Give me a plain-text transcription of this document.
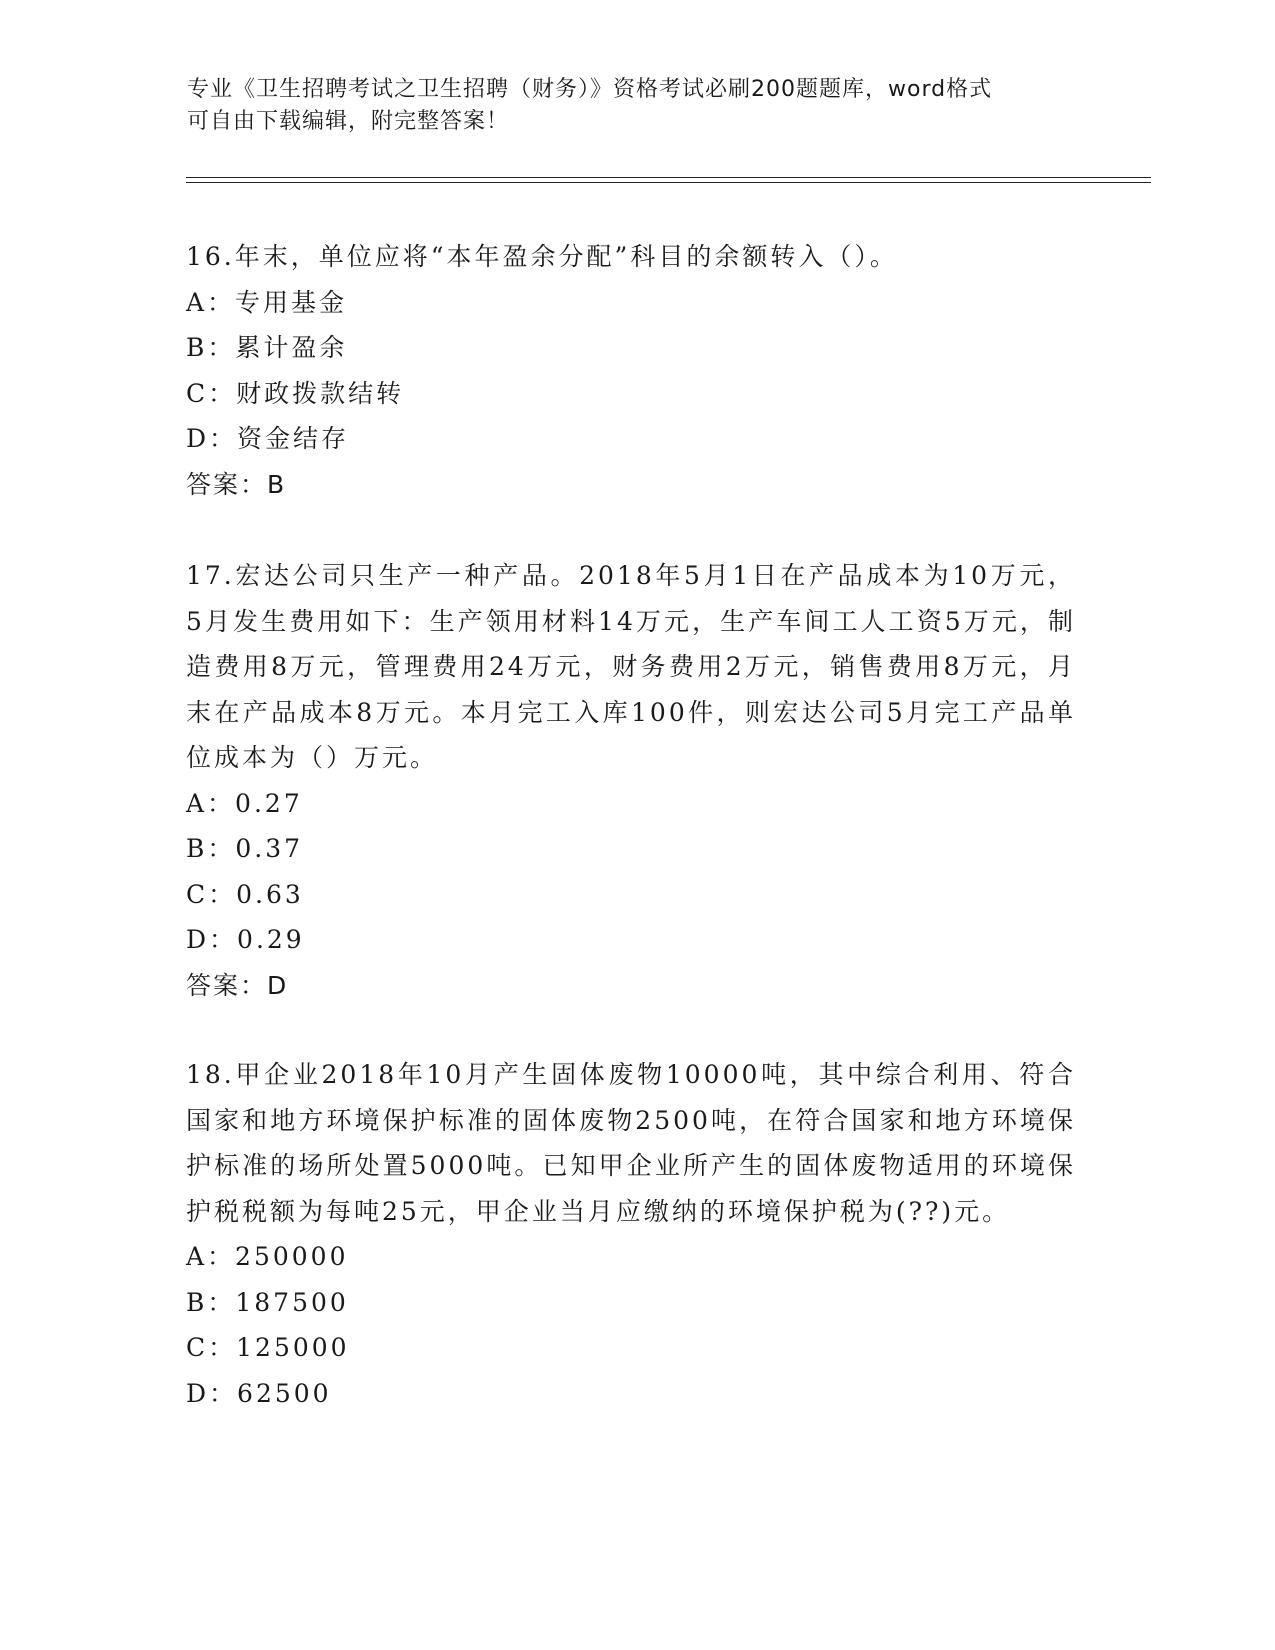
专业《卫生招聘考试之卫生招聘（财务）》资格考试必刷200题题库，word格式
可自由下载编辑，附完整答案！
16.年末，单位应将“本年盈余分配”科目的余额转入（）。
A：专用基金
B：累计盈余
C：财政拨款结转
D：资金结存
答案：B
17.宏达公司只生产一种产品。2018年5月1日在产品成本为10万元，5月发生费用如下：生产领用材料14万元，生产车间工人工资5万元，制造费用8万元，管理费用24万元，财务费用2万元，销售费用8万元，月末在产品成本8万元。本月完工入库100件，则宏达公司5月完工产品单位成本为（）万元。
A：0.27
B：0.37
C：0.63
D：0.29
答案：D
18.甲企业2018年10月产生固体废物10000吨，其中综合利用、符合国家和地方环境保护标准的固体废物2500吨，在符合国家和地方环境保护标准的场所处置5000吨。已知甲企业所产生的固体废物适用的环境保护税税额为每吨25元，甲企业当月应缴纳的环境保护税为(??)元。
A：250000
B：187500
C：125000
D：62500
